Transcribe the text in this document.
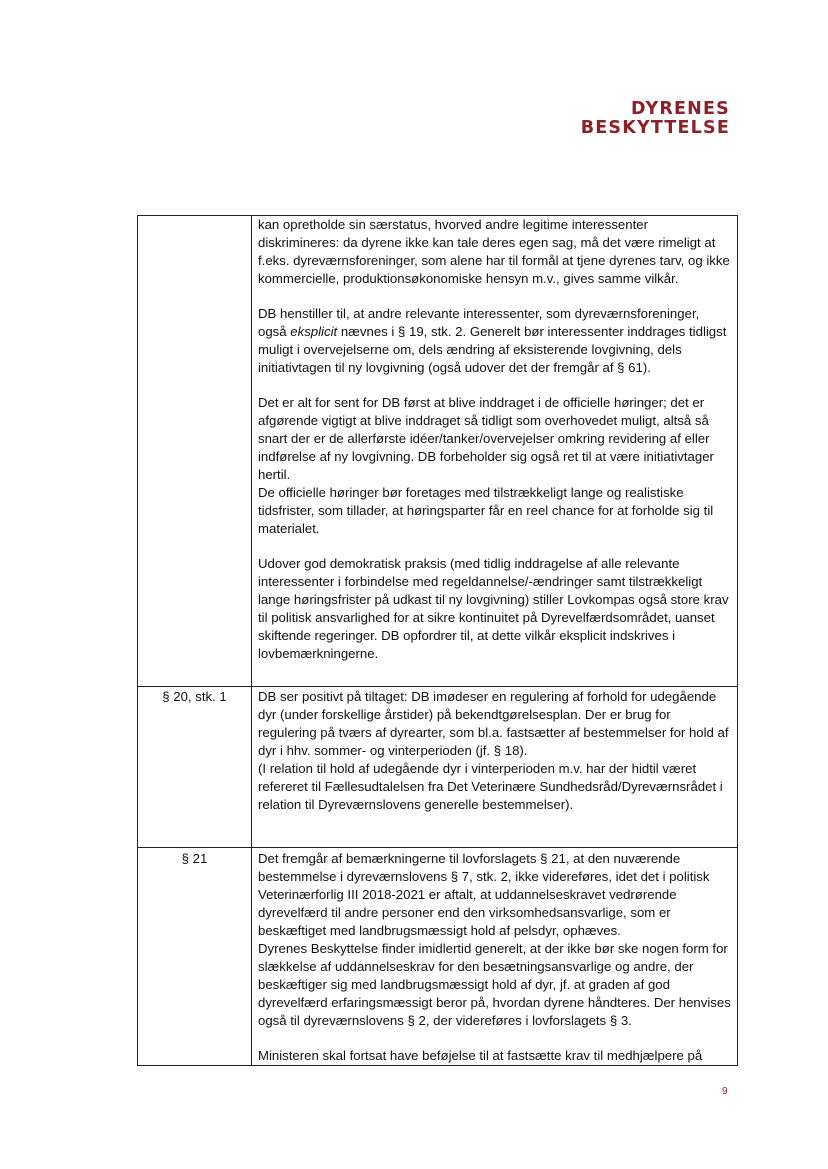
DYRENES
BESKYTTELSE

	kan opretholde sin særstatus, hvorved andre legitime interessenter diskrimineres: da dyrene ikke kan tale deres egen sag, må det være rimeligt at f.eks. dyreværnsforeninger, som alene har til formål at tjene dyrenes tarv, og ikke kommercielle, produktionsøkonomiske hensyn m.v., gives samme vilkår.

DB henstiller til, at andre relevante interessenter, som dyreværnsforeninger, også eksplicit nævnes i § 19, stk. 2. Generelt bør interessenter inddrages tidligst muligt i overvejelserne om, dels ændring af eksisterende lovgivning, dels initiativtagen til ny lovgivning (også udover det der fremgår af § 61).

Det er alt for sent for DB først at blive inddraget i de officielle høringer; det er afgørende vigtigt at blive inddraget så tidligt som overhovedet muligt, altså så snart der er de allerførste idéer/tanker/overvejelser omkring revidering af eller indførelse af ny lovgivning. DB forbeholder sig også ret til at være initiativtager hertil.

De officielle høringer bør foretages med tilstrækkeligt lange og realistiske tidsfrister, som tillader, at høringsparter får en reel chance for at forholde sig til materialet.

Udover god demokratisk praksis (med tidlig inddragelse af alle relevante interessenter i forbindelse med regeldannelse/-ændringer samt tilstrækkeligt lange høringsfrister på udkast til ny lovgivning) stiller Lovkompas også store krav til politisk ansvarlighed for at sikre kontinuitet på Dyrevelfærdsområdet, uanset skiftende regeringer. DB opfordrer til, at dette vilkår eksplicit indskrives i lovbemærkningerne.

§ 20, stk. 1	DB ser positivt på tiltaget: DB imødeser en regulering af forhold for udegående dyr (under forskellige årstider) på bekendtgørelsesplan. Der er brug for regulering på tværs af dyrearter, som bl.a. fastsætter af bestemmelser for hold af dyr i hhv. sommer- og vinterperioden (jf. § 18).

(I relation til hold af udegående dyr i vinterperioden m.v. har der hidtil været refereret til Fællesudtalelsen fra Det Veterinære Sundhedsråd/Dyreværnsrådet i relation til Dyreværnslovens generelle bestemmelser).

§ 21	Det fremgår af bemærkningerne til lovforslagets § 21, at den nuværende bestemmelse i dyreværnslovens § 7, stk. 2, ikke videreføres, idet det i politisk Veterinærforlig III 2018-2021 er aftalt, at uddannelseskravet vedrørende dyrevelfærd til andre personer end den virksomhedsansvarlige, som er beskæftiget med landbrugsmæssigt hold af pelsdyr, ophæves.

Dyrenes Beskyttelse finder imidlertid generelt, at der ikke bør ske nogen form for slækkelse af uddannelseskrav for den besætningsansvarlige og andre, der beskæftiger sig med landbrugsmæssigt hold af dyr, jf. at graden af god dyrevelfærd erfaringsmæssigt beror på, hvordan dyrene håndteres. Der henvises også til dyreværnslovens § 2, der videreføres i lovforslagets § 3.

Ministeren skal fortsat have beføjelse til at fastsætte krav til medhjælpere på

9
